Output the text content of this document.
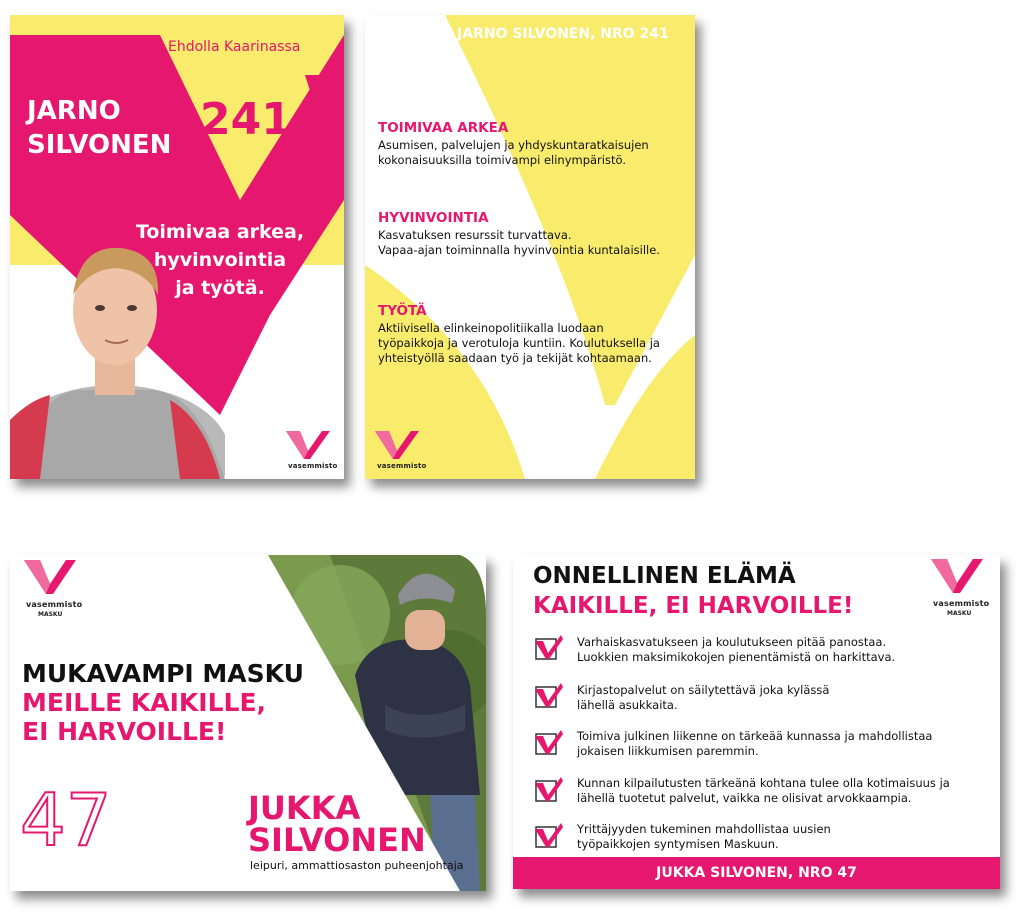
Ehdolla Kaarinassa
JARNO
SILVONEN 241
Toimivaa arkea,
hyvinvointia
ja työtä.
vasemmisto
JARNO SILVONEN, NRO 241
TOIMIVAA ARKEA
Asumisen, palvelujen ja yhdyskuntaratkaisujen
kokonaisuuksilla toimivampi elinympäristö.
HYVINVOINTIA
Kasvatuksen resurssit turvattava.
Vapaa-ajan toiminnalla hyvinvointia kuntalaisille.
TYÖTÄ
Aktiivisella elinkeinopolitiikalla luodaan
työpaikkoja ja verotuloja kuntiin. Koulutuksella ja
yhteistyöllä saadaan työ ja tekijät kohtaamaan.
vasemmisto
vasemmisto
MASKU
MUKAVAMPI MASKU
MEILLE KAIKILLE,
EI HARVOILLE!
47	JUKKA
SILVONEN
leipuri, ammattiosaston puheenjohtaja
ONNELLINEN ELÄMÄ
KAIKILLE, EI HARVOILLE!	vasemmisto
MASKU
Varhaiskasvatukseen ja koulutukseen pitää panostaa.
Luokkien maksimikokojen pienentämistä on harkittava.
Kirjastopalvelut on säilytettävä joka kylässä
lähellä asukkaita.
Toimiva julkinen liikenne on tärkeää kunnassa ja mahdollistaa
jokaisen liikkumisen paremmin.
Kunnan kilpailutusten tärkeänä kohtana tulee olla kotimaisuus ja
lähellä tuotetut palvelut, vaikka ne olisivat arvokkaampia.
Yrittäjyyden tukeminen mahdollistaa uusien
työpaikkojen syntymisen Maskuun.
JUKKA SILVONEN, NRO 47
